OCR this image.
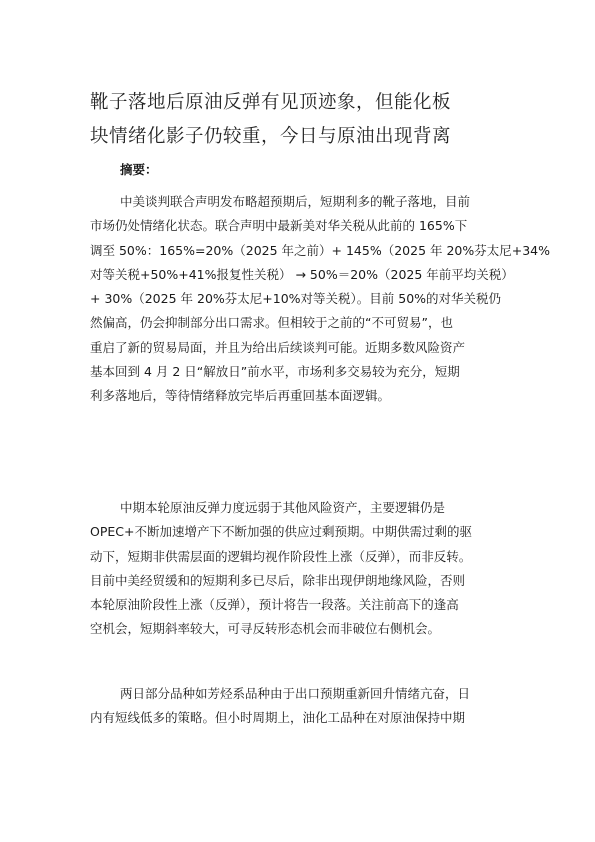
靴子落地后原油反弹有见顶迹象，但能化板
块情绪化影子仍较重，今日与原油出现背离

摘要：

中美谈判联合声明发布略超预期后，短期利多的靴子落地，目前
市场仍处情绪化状态。联合声明中最新美对华关税从此前的 165%下
调至 50%：165%=20%（2025 年之前）+ 145%（2025 年 20%芬太尼+34%
对等关税+50%+41%报复性关税） → 50%＝20%（2025 年前平均关税）
+ 30%（2025 年 20%芬太尼+10%对等关税）。目前 50%的对华关税仍
然偏高，仍会抑制部分出口需求。但相较于之前的“不可贸易”，也
重启了新的贸易局面，并且为给出后续谈判可能。近期多数风险资产
基本回到 4 月 2 日“解放日”前水平，市场利多交易较为充分，短期
利多落地后，等待情绪释放完毕后再重回基本面逻辑。

中期本轮原油反弹力度远弱于其他风险资产，主要逻辑仍是
OPEC+不断加速增产下不断加强的供应过剩预期。中期供需过剩的驱
动下，短期非供需层面的逻辑均视作阶段性上涨（反弹），而非反转。
目前中美经贸缓和的短期利多已尽后，除非出现伊朗地缘风险，否则
本轮原油阶段性上涨（反弹），预计将告一段落。关注前高下的逢高
空机会，短期斜率较大，可寻反转形态机会而非破位右侧机会。

两日部分品种如芳烃系品种由于出口预期重新回升情绪亢奋，日
内有短线低多的策略。但小时周期上，油化工品种在对原油保持中期
